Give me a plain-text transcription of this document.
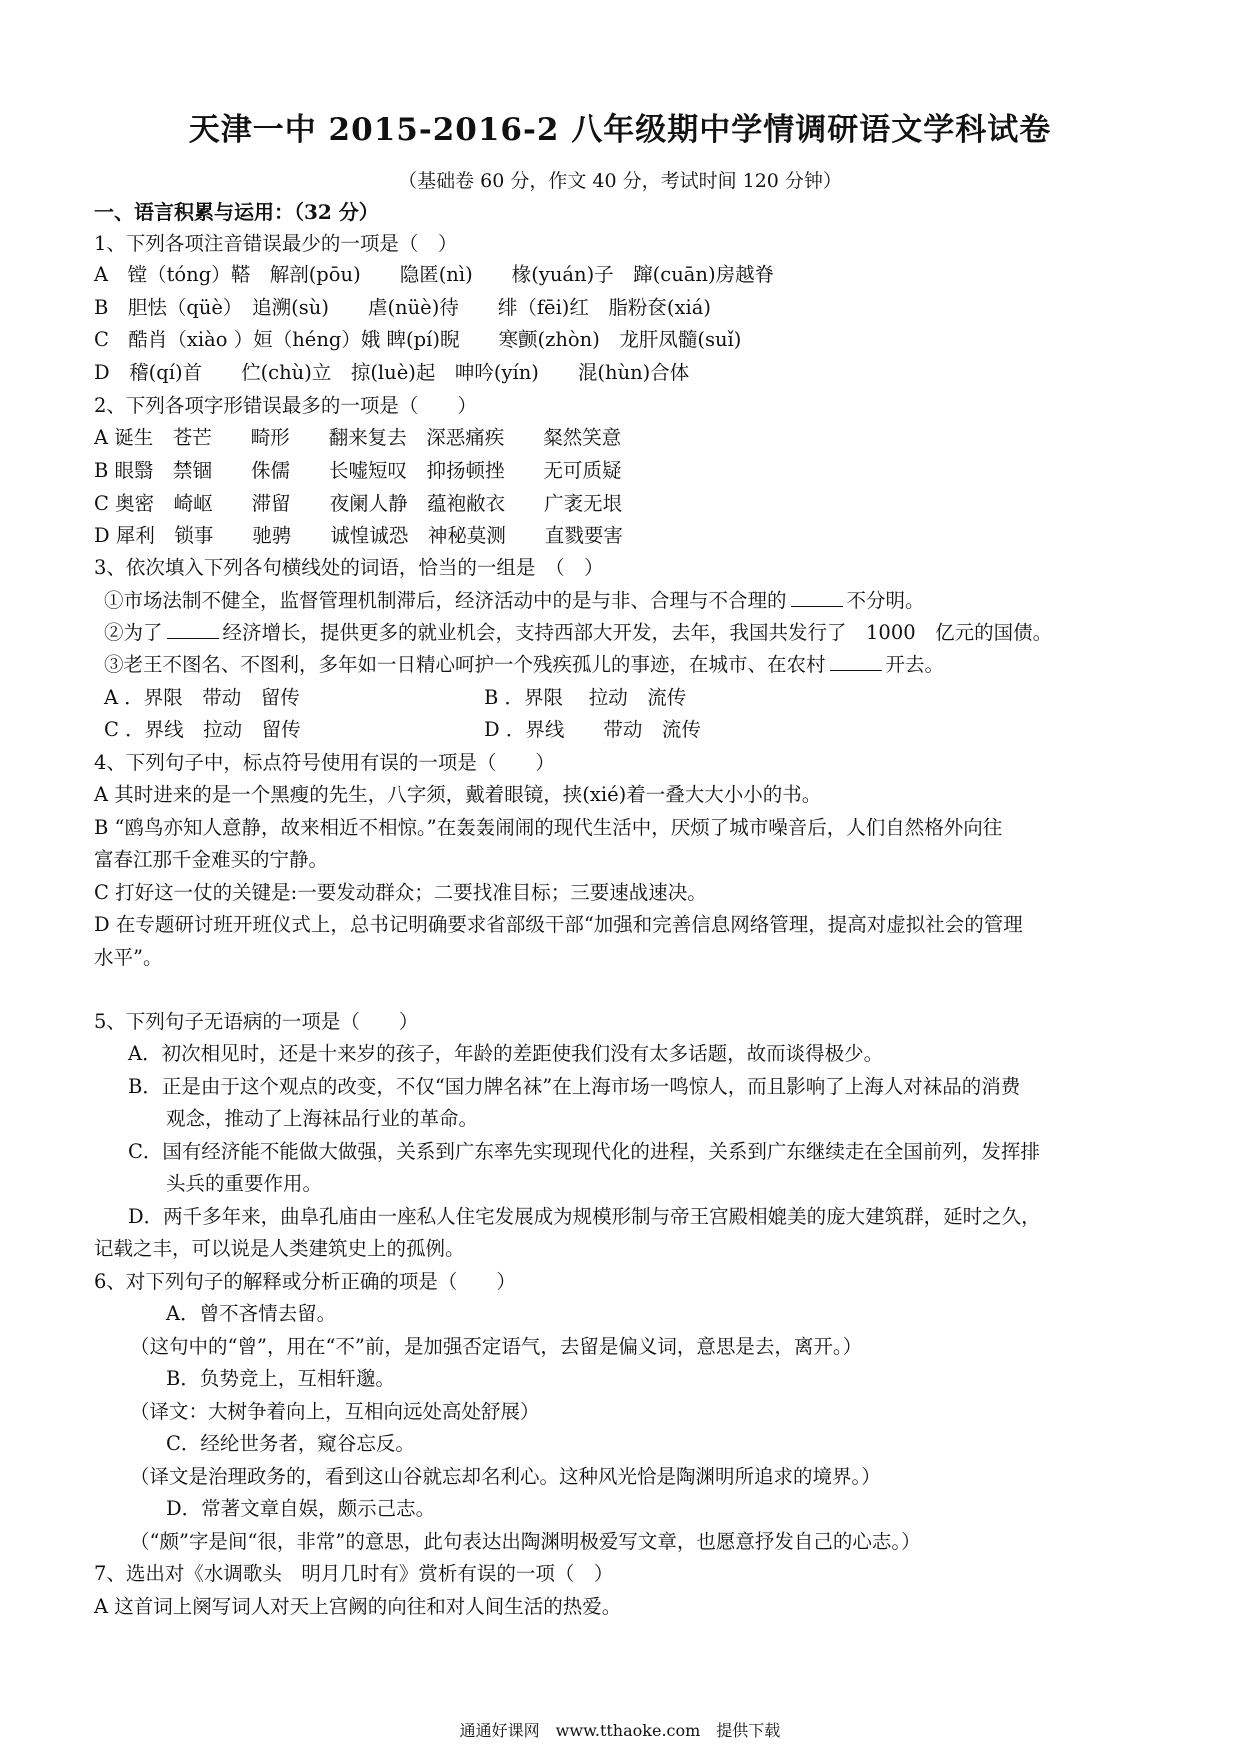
天津一中 2015-2016-2 八年级期中学情调研语文学科试卷
（基础卷 60 分，作文 40 分，考试时间 120 分钟）
一、语言积累与运用：（32 分）
1、下列各项注音错误最少的一项是（　）
A　镗（tóng）鞳　解剖(pōu)　　隐匿(nì)　　椽(yuán)子　蹿(cuān)房越脊
B　胆怯（qüè）　追溯(sù)　　虐(nüè)待　　绯（fēi)红　脂粉奁(xiá)
C　酷肖（xiào ）姮（héng）娥 睥(pí)睨　　寒颤(zhòn)　龙肝凤髓(suǐ)
D　稽(qí)首　　伫(chù)立　掠(luè)起　呻吟(yín)　　混(hùn)合体
2、下列各项字形错误最多的一项是（　　）
A 诞生　苍芒　　畸形　　翻来复去　深恶痛疾　　粲然笑意
B 眼翳　禁锢　　侏儒　　长嘘短叹　抑扬顿挫　　无可质疑
C 奥密　崎岖　　滞留　　夜阑人静　蕴袍敝衣　　广袤无垠
D 犀利　锁事　　驰骋　　诚惶诚恐　神秘莫测　　直戮要害
3、依次填入下列各句横线处的词语，恰当的一组是　（　）
①市场法制不健全，监督管理机制滞后，经济活动中的是与非、合理与不合理的	不分明。
②为了	经济增长，提供更多的就业机会，支持西部大开发，去年，我国共发行了　1000　亿元的国债。
③老王不图名、不图利，多年如一日精心呵护一个残疾孤儿的事迹，在城市、在农村	开去。
A ．界限　带动　留传	B ．界限　 拉动　流传
C ．界线　拉动　留传	D ．界线　　带动　流传
4、下列句子中，标点符号使用有误的一项是（　　）
A 其时进来的是一个黑瘦的先生，八字须，戴着眼镜，挟(xié)着一叠大大小小的书。
B “鸥鸟亦知人意静，故来相近不相惊。”在轰轰闹闹的现代生活中，厌烦了城市噪音后，人们自然格外向往
富春江那千金难买的宁静。
C 打好这一仗的关键是:一要发动群众；二要找准目标；三要速战速决。
D 在专题研讨班开班仪式上，总书记明确要求省部级干部“加强和完善信息网络管理，提高对虚拟社会的管理
水平”。
5、下列句子无语病的一项是（　　）
A．初次相见时，还是十来岁的孩子，年龄的差距使我们没有太多话题，故而谈得极少。
B．正是由于这个观点的改变，不仅“国力牌名袜”在上海市场一鸣惊人，而且影响了上海人对袜品的消费
观念，推动了上海袜品行业的革命。
C．国有经济能不能做大做强，关系到广东率先实现现代化的进程，关系到广东继续走在全国前列，发挥排
头兵的重要作用。
D．两千多年来，曲阜孔庙由一座私人住宅发展成为规模形制与帝王宫殿相媲美的庞大建筑群，延时之久，
记载之丰，可以说是人类建筑史上的孤例。
6、对下列句子的解释或分析正确的项是（　　）
A．曾不吝情去留。
（这句中的“曾”，用在“不”前，是加强否定语气，去留是偏义词，意思是去，离开。）
B．负势竞上，互相轩邈。
（译文：大树争着向上，互相向远处高处舒展）
C．经纶世务者，窥谷忘反。
（译文是治理政务的，看到这山谷就忘却名利心。这种风光恰是陶渊明所追求的境界。）
D．常著文章自娱，颇示己志。
（“颇”字是间“很，非常”的意思，此句表达出陶渊明极爱写文章，也愿意抒发自己的心志。）
7、选出对《水调歌头　明月几时有》赏析有误的一项（　）
A 这首词上阕写词人对天上宫阙的向往和对人间生活的热爱。
通通好课网　www.tthaoke.com　提供下载
